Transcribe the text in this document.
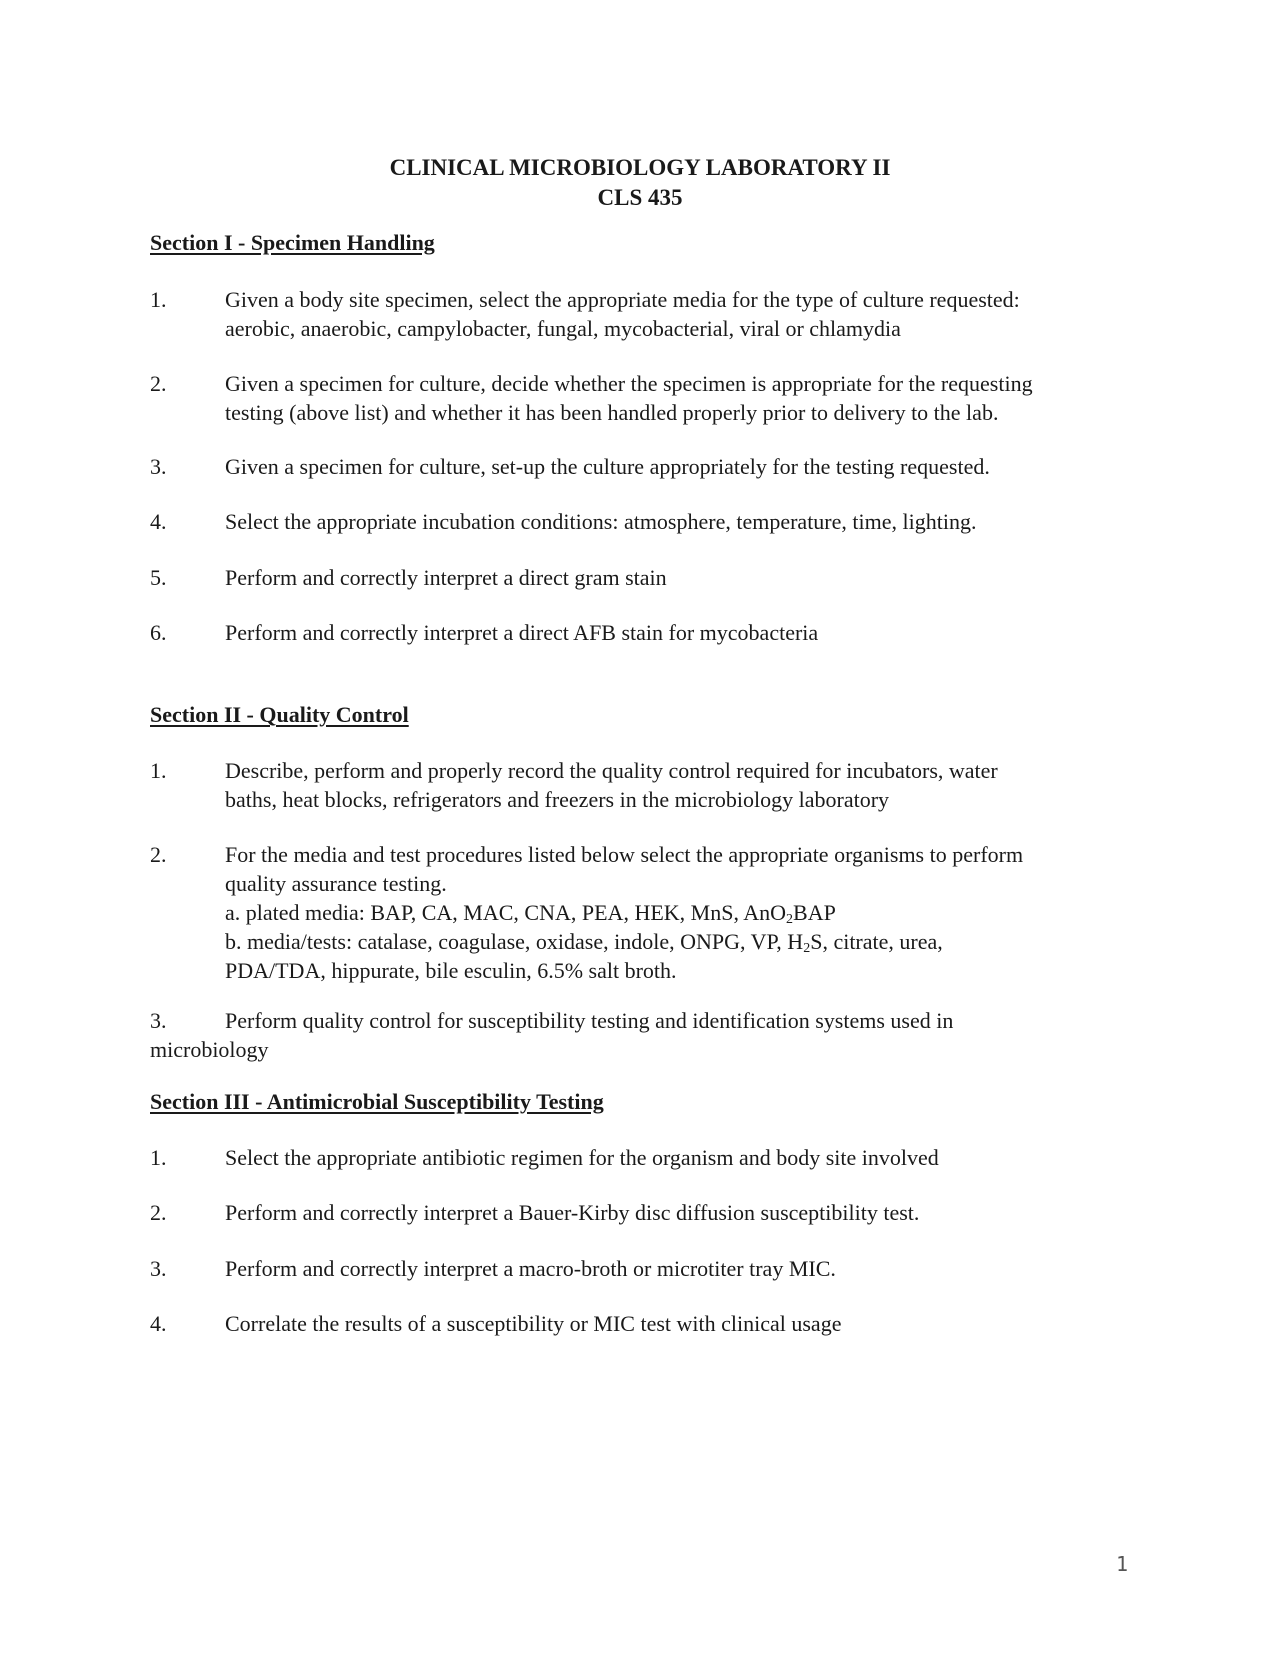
CLINICAL MICROBIOLOGY LABORATORY II
CLS 435
Section I - Specimen Handling
1.	Given a body site specimen, select the appropriate media for the type of culture requested:
aerobic, anaerobic, campylobacter, fungal, mycobacterial, viral or chlamydia
2.	Given a specimen for culture, decide whether the specimen is appropriate for the requesting
testing (above list) and whether it has been handled properly prior to delivery to the lab.
3.	Given a specimen for culture, set-up the culture appropriately for the testing requested.
4.	Select the appropriate incubation conditions: atmosphere, temperature, time, lighting.
5.	Perform and correctly interpret a direct gram stain
6.	Perform and correctly interpret a direct AFB stain for mycobacteria
Section II - Quality Control
1.	Describe, perform and properly record the quality control required for incubators, water
baths, heat blocks, refrigerators and freezers in the microbiology laboratory
2.	For the media and test procedures listed below select the appropriate organisms to perform
quality assurance testing.
a. plated media: BAP, CA, MAC, CNA, PEA, HEK, MnS, AnO$_2$BAP
b. media/tests: catalase, coagulase, oxidase, indole, ONPG, VP, $H_2S$, citrate, urea,
PDA/TDA, hippurate, bile esculin, 6.5% salt broth.
3.	Perform quality control for susceptibility testing and identification systems used in
microbiology
Section III - Antimicrobial Susceptibility Testing
1.	Select the appropriate antibiotic regimen for the organism and body site involved
2.	Perform and correctly interpret a Bauer-Kirby disc diffusion susceptibility test.
3.	Perform and correctly interpret a macro-broth or microtiter tray MIC.
4.	Correlate the results of a susceptibility or MIC test with clinical usage
1
